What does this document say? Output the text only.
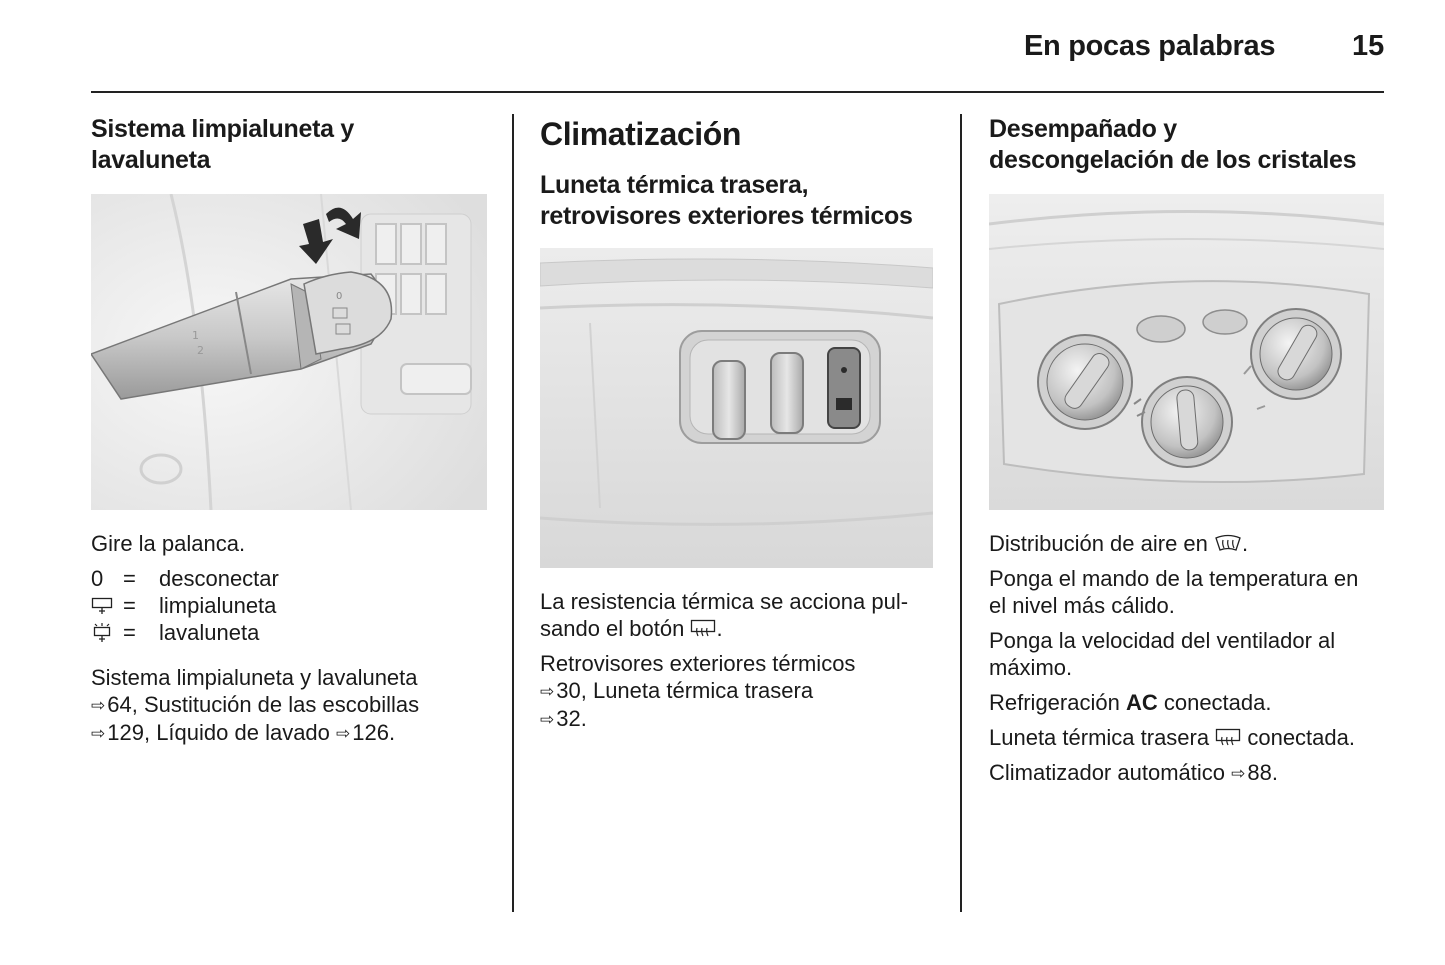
En pocas palabras	15
Sistema limpialuneta y
lavaluneta
1
2
0

Gire la palanca.

0 =	desconectar
=	limpialuneta
=	lavaluneta

Sistema limpialuneta y lavaluneta
⇨64, Sustitución de las escobillas
⇨129, Líquido de lavado ⇨126.

Climatización
Luneta térmica trasera,
retrovisores exteriores térmicos

La resistencia térmica se acciona pul-
sando el botón .

Retrovisores exteriores térmicos
⇨30, Luneta térmica trasera
⇨32.

Desempañado y
descongelación de los cristales

Distribución de aire en .

Ponga el mando de la temperatura en
el nivel más cálido.

Ponga la velocidad del ventilador al
máximo.

Refrigeración AC conectada.

Luneta térmica trasera  conectada.

Climatizador automático ⇨88.
